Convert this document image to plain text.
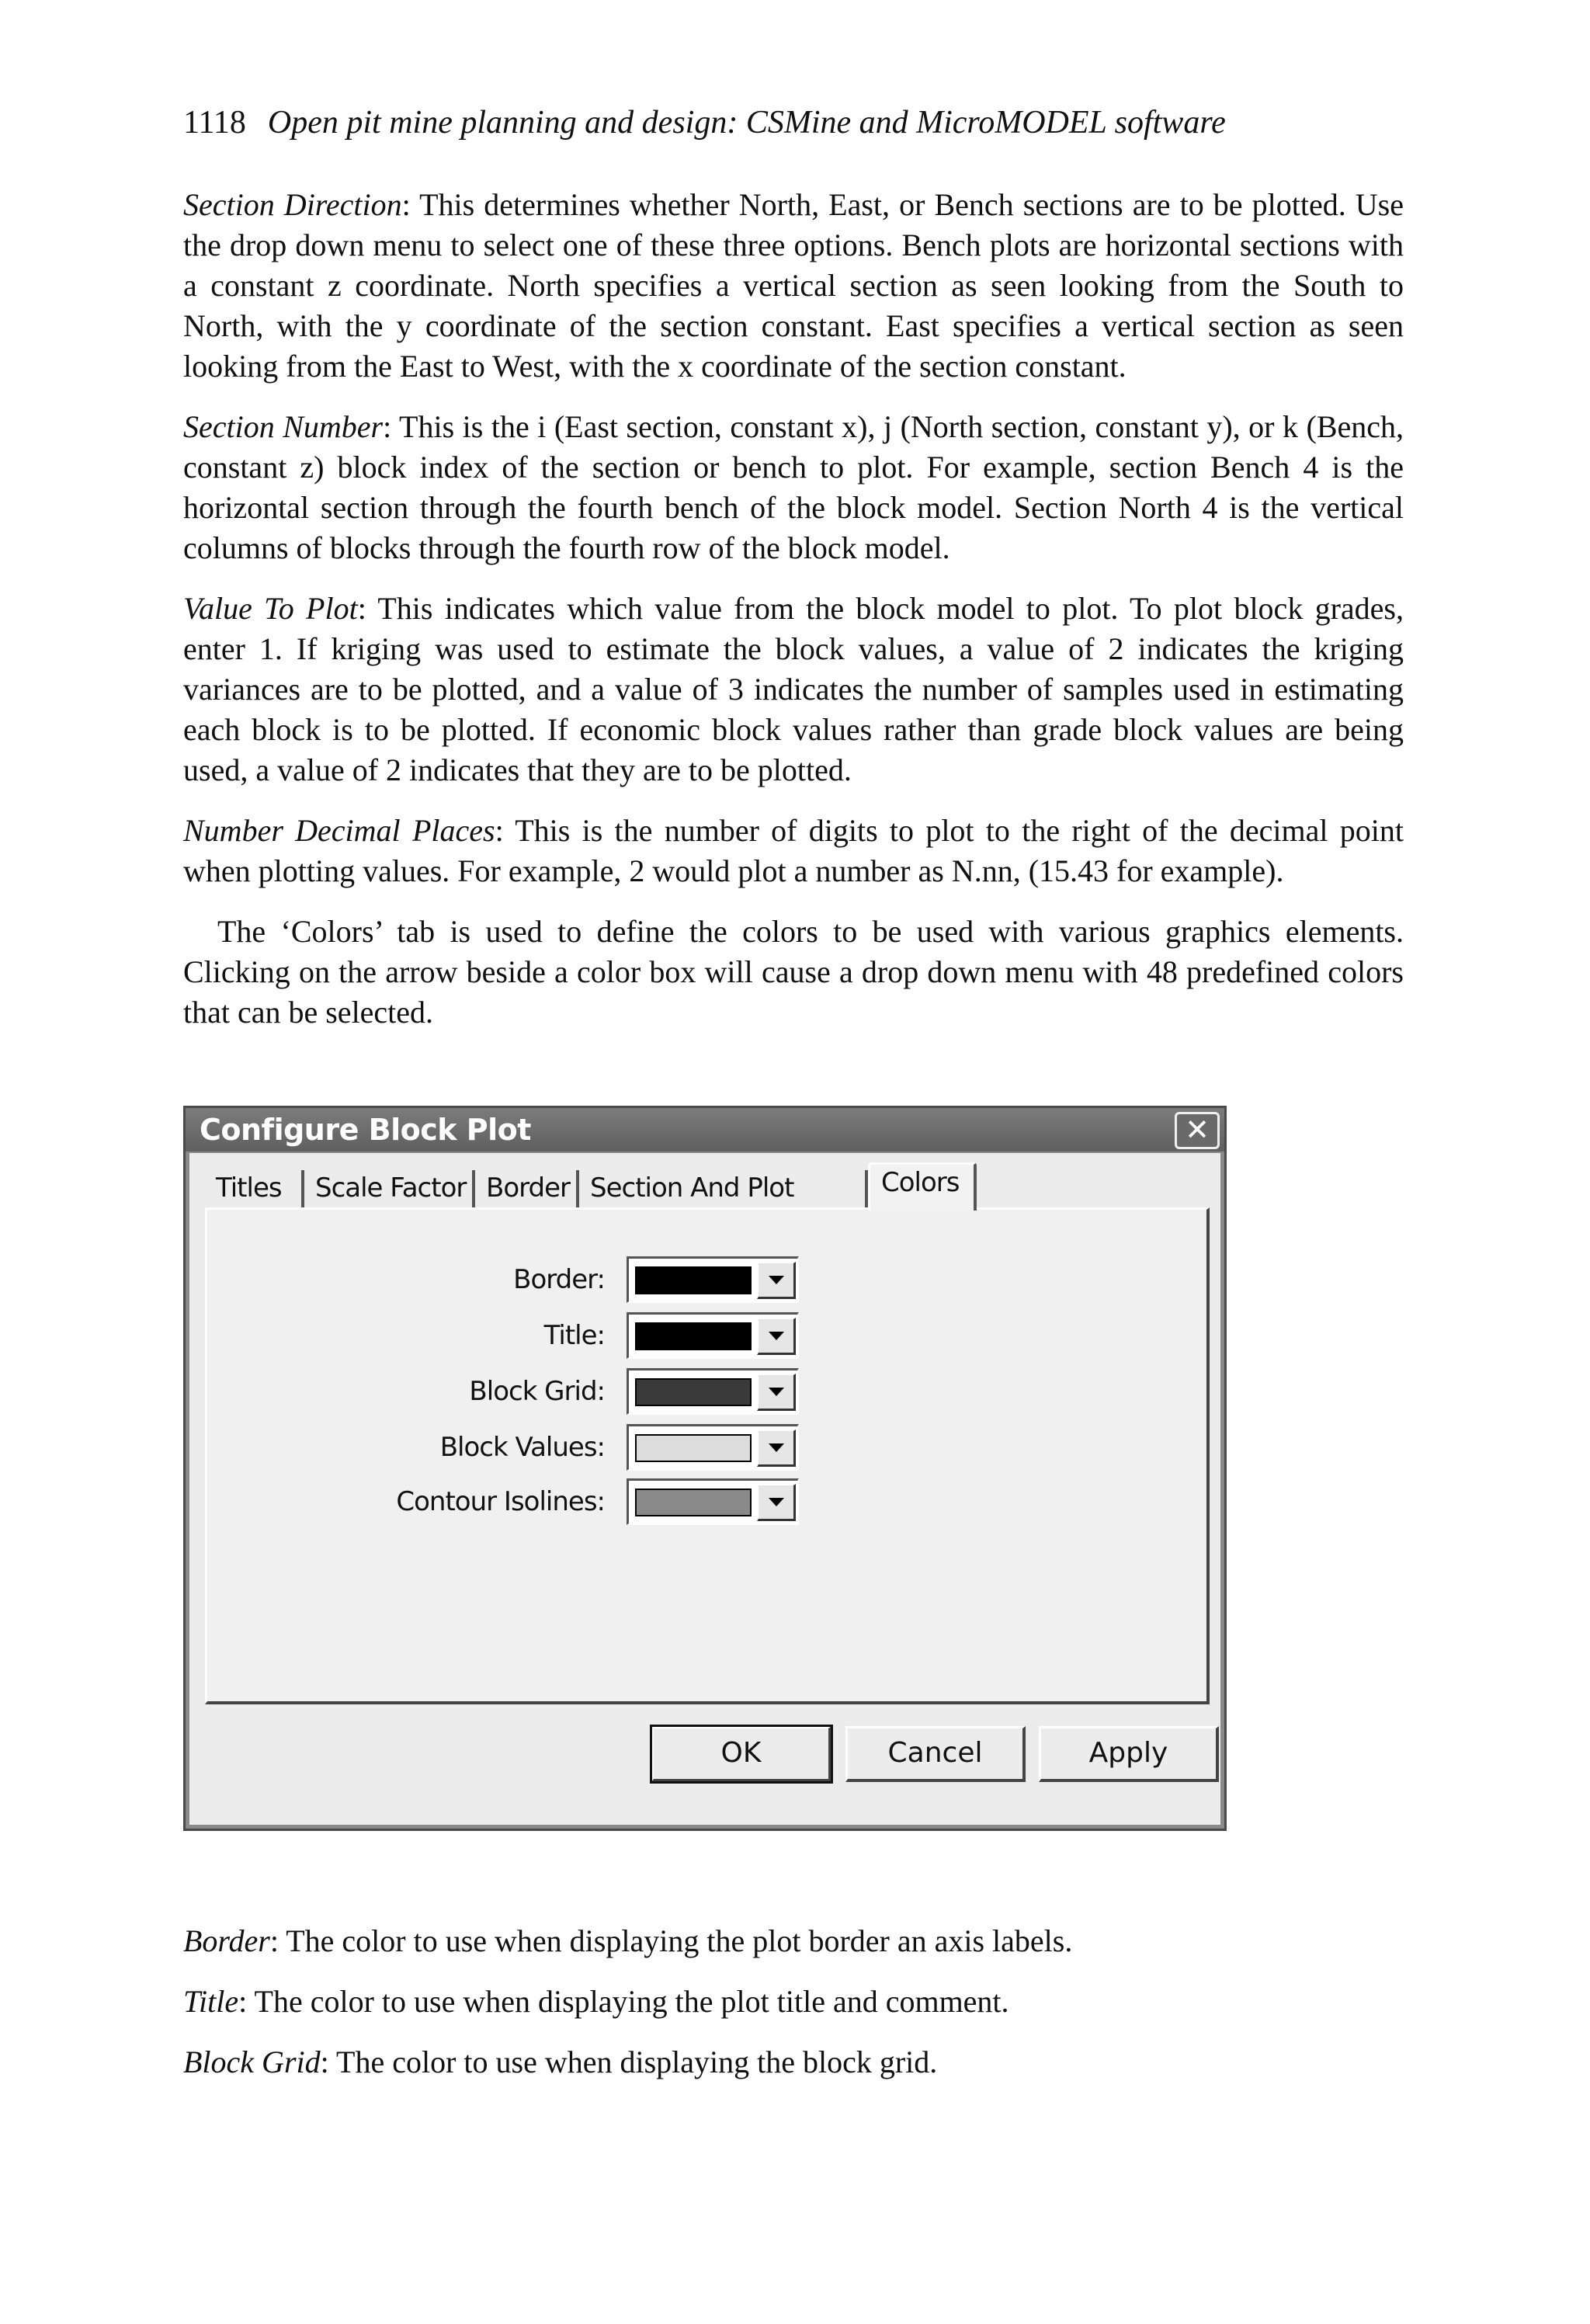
1118 Open pit mine planning and design: CSMine and MicroMODEL software

Section Direction: This determines whether North, East, or Bench sections are to be plotted. Use the drop down menu to select one of these three options. Bench plots are horizontal sections with a constant z coordinate. North specifies a vertical section as seen looking from the South to North, with the y coordinate of the section constant. East specifies a vertical section as seen looking from the East to West, with the x coordinate of the section constant.

Section Number: This is the i (East section, constant x), j (North section, constant y), or k (Bench, constant z) block index of the section or bench to plot. For example, section Bench 4 is the horizontal section through the fourth bench of the block model. Section North 4 is the vertical columns of blocks through the fourth row of the block model.

Value To Plot: This indicates which value from the block model to plot. To plot block grades, enter 1. If kriging was used to estimate the block values, a value of 2 indicates the kriging variances are to be plotted, and a value of 3 indicates the number of samples used in estimating each block is to be plotted. If economic block values rather than grade block values are being used, a value of 2 indicates that they are to be plotted.

Number Decimal Places: This is the number of digits to plot to the right of the decimal point when plotting values. For example, 2 would plot a number as N.nn, (15.43 for example).

The ‘Colors’ tab is used to define the colors to be used with various graphics elements. Clicking on the arrow beside a color box will cause a drop down menu with 48 predefined colors that can be selected.

Border: The color to use when displaying the plot border an axis labels.

Title: The color to use when displaying the plot title and comment.

Block Grid: The color to use when displaying the block grid.

Configure Block Plot	✕
Titles	Scale Factor Border Section And Plot	Colors
Border:
Title:
Block Grid:
Block Values:
Contour Isolines:
OK	Cancel	Apply
